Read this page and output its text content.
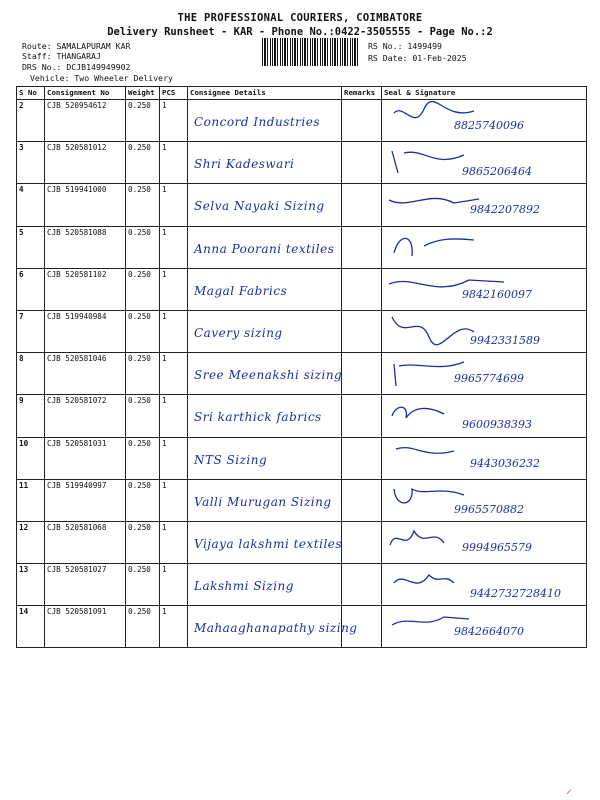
THE PROFESSIONAL COURIERS, COIMBATORE
Delivery Runsheet - KAR - Phone No.:0422-3505555 - Page No.:2
Route: SAMALAPURAM KAR
Staff: THANGARAJ
DRS No.: DCJB149949902
Vehicle: Two Wheeler Delivery
RS No.: 1499499
RS Date: 01-Feb-2025
S No	Consignment No	Weight	PCS	Consignee Details	Remarks	Seal & Signature
2	CJB 520954612	0.250	1	Concord Industries		8825740096

3	CJB 520581012	0.250	1	Shri Kadeswari		9865206464

4	CJB 519941000	0.250	1	Selva Nayaki Sizing		9842207892

5	CJB 520581088	0.250	1	Anna Poorani textiles

6	CJB 520581102	0.250	1	Magal Fabrics		9842160097

7	CJB 519940984	0.250	1	Cavery sizing		9942331589

8	CJB 520581046	0.250	1	Sree Meenakshi sizing		9965774699

9	CJB 520581072	0.250	1	Sri karthick fabrics		9600938393

10	CJB 520581031	0.250	1	NTS Sizing		9443036232

11	CJB 519940997	0.250	1	Valli Murugan Sizing		9965570882

12	CJB 520581068	0.250	1	Vijaya lakshmi textiles		9994965579

13	CJB 520581027	0.250	1	Lakshmi Sizing		9442732728410

14	CJB 520581091	0.250	1	Mahaaghanapathy sizing		9842664070
⸝
